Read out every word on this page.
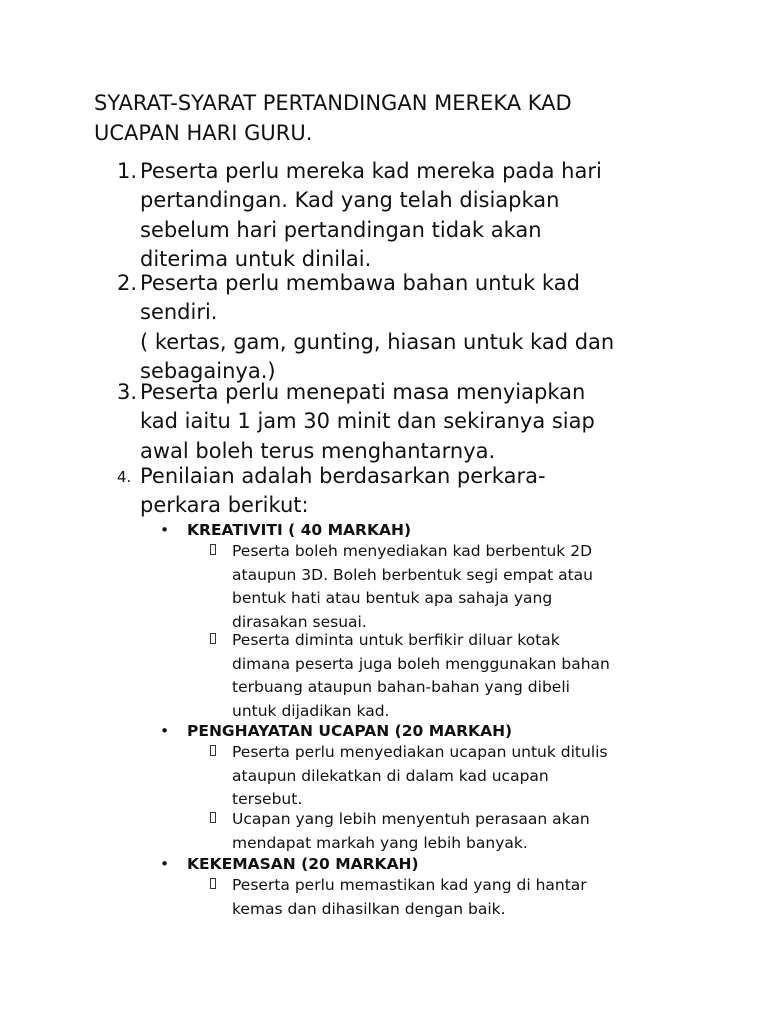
SYARAT-SYARAT PERTANDINGAN MEREKA KAD
UCAPAN HARI GURU.
1. Peserta perlu mereka kad mereka pada hari
pertandingan. Kad yang telah disiapkan
sebelum hari pertandingan tidak akan
diterima untuk dinilai.
2. Peserta perlu membawa bahan untuk kad
sendiri.
( kertas, gam, gunting, hiasan untuk kad dan
sebagainya.)
3. Peserta perlu menepati masa menyiapkan
kad iaitu 1 jam 30 minit dan sekiranya siap
awal boleh terus menghantarnya.
4. Penilaian adalah berdasarkan perkara-
perkara berikut:
• KREATIVITI ( 40 MARKAH)
Peserta boleh menyediakan kad berbentuk 2D
ataupun 3D. Boleh berbentuk segi empat atau
bentuk hati atau bentuk apa sahaja yang
dirasakan sesuai.
Peserta diminta untuk berfikir diluar kotak
dimana peserta juga boleh menggunakan bahan
terbuang ataupun bahan-bahan yang dibeli
untuk dijadikan kad.
• PENGHAYATAN UCAPAN (20 MARKAH)
Peserta perlu menyediakan ucapan untuk ditulis
ataupun dilekatkan di dalam kad ucapan
tersebut.
Ucapan yang lebih menyentuh perasaan akan
mendapat markah yang lebih banyak.
• KEKEMASAN (20 MARKAH)
Peserta perlu memastikan kad yang di hantar
kemas dan dihasilkan dengan baik.
